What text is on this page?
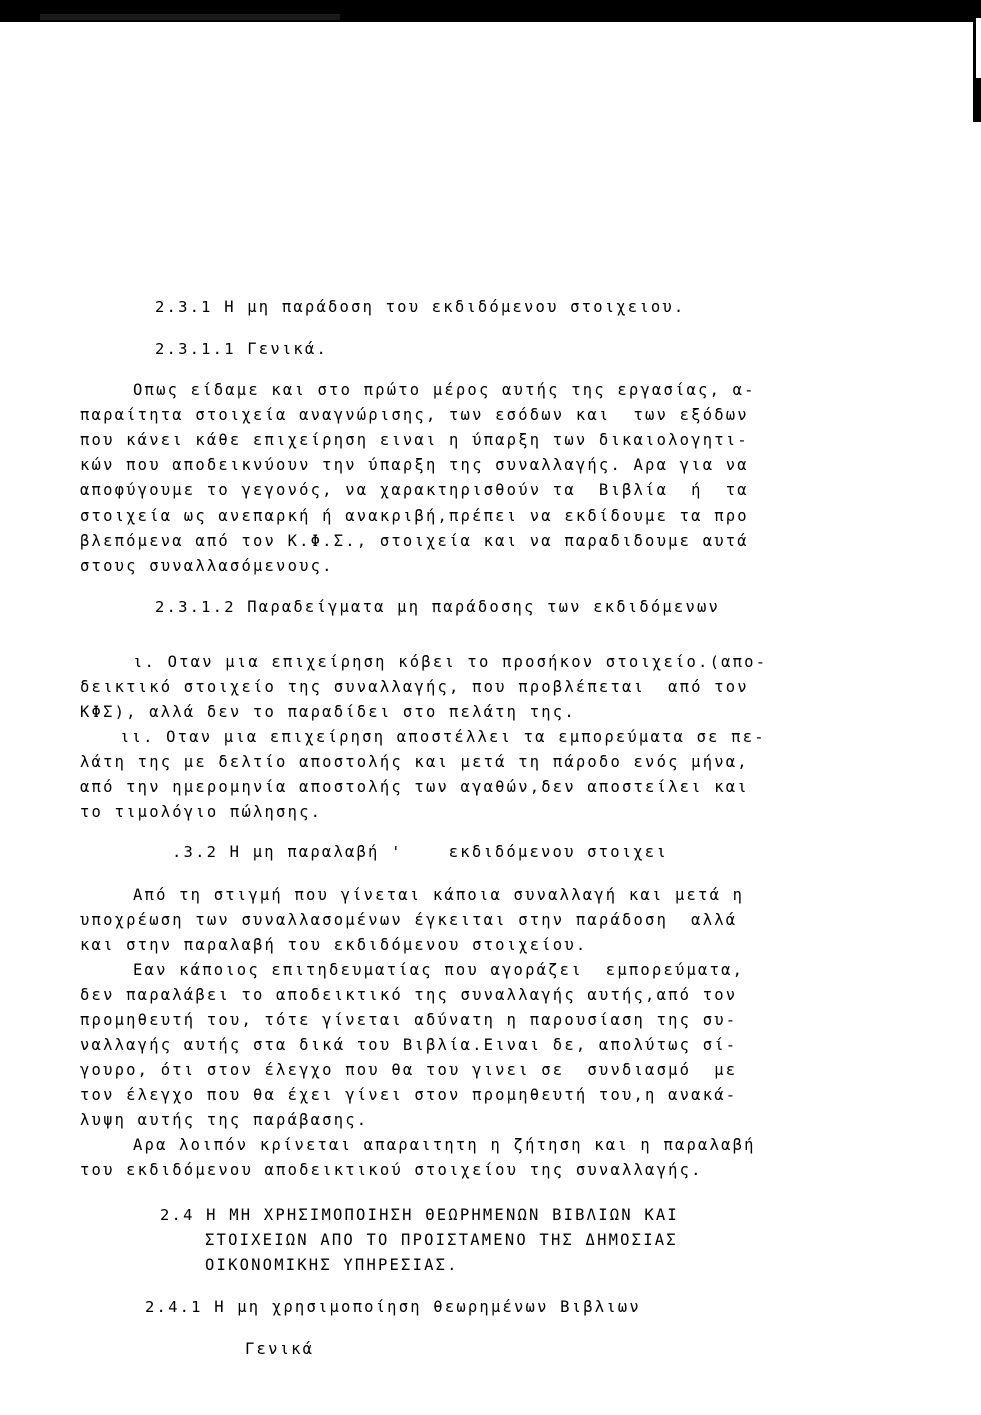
2.3.1 Η μη παράδοση του εκδιδόμενου στοιχειου.
2.3.1.1 Γενικά.
Οπως είδαμε και στο πρώτο μέρος αυτής της εργασίας, α-
παραίτητα στοιχεία αναγνώρισης, των εσόδων και  των εξόδων
που κάνει κάθε επιχείρηση ειναι η ύπαρξη των δικαιολογητι-
κών που αποδεικνύουν την ύπαρξη της συναλλαγής. Αρα για να
αποφύγουμε το γεγονός, να χαρακτηρισθούν τα  Βιβλία  ή  τα
στοιχεία ως ανεπαρκή ή ανακριβή,πρέπει να εκδίδουμε τα προ
βλεπόμενα από τον Κ.Φ.Σ., στοιχεία και να παραδιδουμε αυτά
στους συναλλασόμενους.
2.3.1.2 Παραδείγματα μη παράδοσης των εκδιδόμενων
ι. Οταν μια επιχείρηση κόβει το προσήκον στοιχείο.(απο-
δεικτικό στοιχείο της συναλλαγής, που προβλέπεται  από τον
ΚΦΣ), αλλά δεν το παραδίδει στο πελάτη της.
ιι. Οταν μια επιχείρηση αποστέλλει τα εμπορεύματα σε πε-
λάτη της με δελτίο αποστολής και μετά τη πάροδο ενός μήνα,
από την ημερομηνία αποστολής των αγαθών,δεν αποστείλει και
το τιμολόγιο πώλησης.
.3.2 Η μη παραλαβή '    εκδιδόμενου στοιχει
Από τη στιγμή που γίνεται κάποια συναλλαγή και μετά η
υποχρέωση των συναλλασομένων έγκειται στην παράδοση  αλλά
και στην παραλαβή του εκδιδόμενου στοιχείου.
Εαν κάποιος επιτηδευματίας που αγοράζει  εμπορεύματα,
δεν παραλάβει το αποδεικτικό της συναλλαγής αυτής,από τον
προμηθευτή του, τότε γίνεται αδύνατη η παρουσίαση της συ-
ναλλαγής αυτής στα δικά του Βιβλία.Ειναι δε, απολύτως σί-
γουρο, ότι στον έλεγχο που θα του γινει σε  συνδιασμό  με
τον έλεγχο που θα έχει γίνει στον προμηθευτή του,η ανακά-
λυψη αυτής της παράβασης.
Αρα λοιπόν κρίνεται απαραιτητη η ζήτηση και η παραλαβή
του εκδιδόμενου αποδεικτικού στοιχείου της συναλλαγής.
2.4 Η ΜΗ ΧΡΗΣΙΜΟΠΟΙΗΣΗ ΘΕΩΡΗΜΕΝΩΝ ΒΙΒΛΙΩΝ ΚΑΙ
ΣΤΟΙΧΕΙΩΝ ΑΠΟ ΤΟ ΠΡΟΙΣΤΑΜΕΝΟ ΤΗΣ ΔΗΜΟΣΙΑΣ
ΟΙΚΟΝΟΜΙΚΗΣ ΥΠΗΡΕΣΙΑΣ.
2.4.1 Η μη χρησιμοποίηση θεωρημένων Βιβλιων
Γενικά
